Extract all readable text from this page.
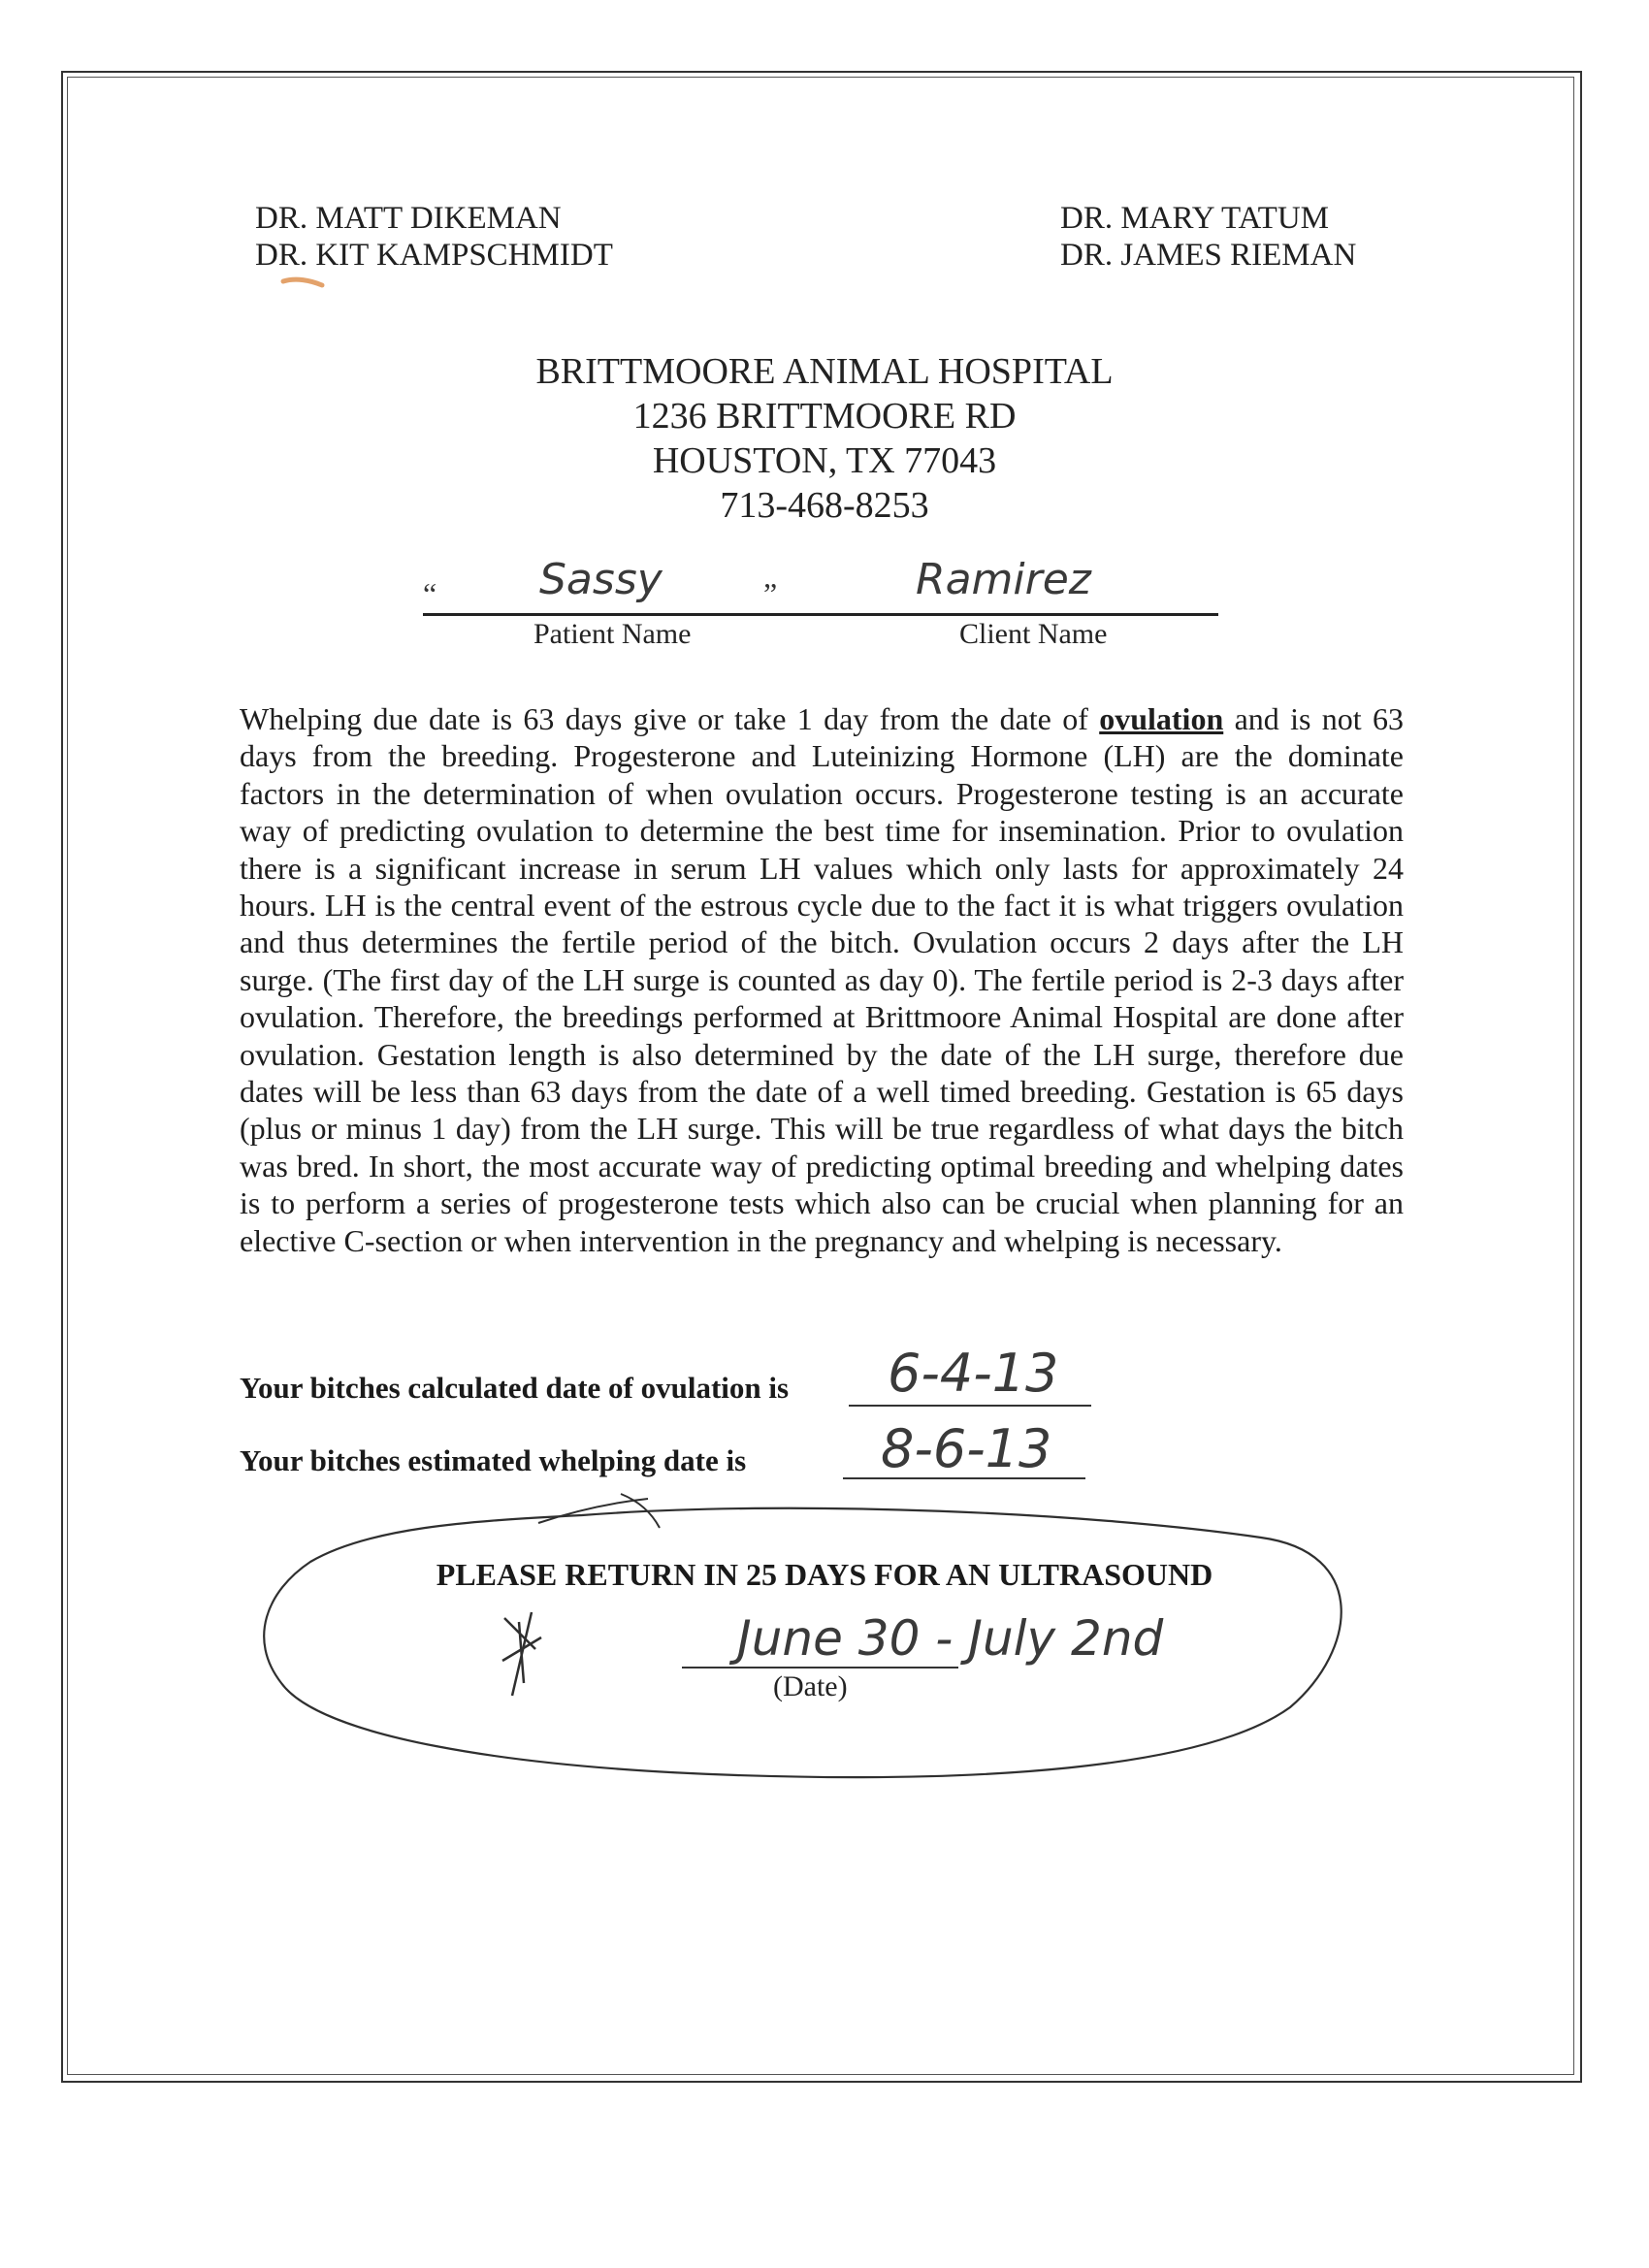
DR. MATT DIKEMAN
DR. KIT KAMPSCHMIDT
DR. MARY TATUM
DR. JAMES RIEMAN
BRITTMOORE ANIMAL HOSPITAL
1236 BRITTMOORE RD
HOUSTON, TX 77043
713-468-8253
“	”
Sassy	Ramirez
Patient Name	Client Name
Whelping due date is 63 days give or take 1 day from the date of ovulation and is not 63 days from the breeding. Progesterone and Luteinizing Hormone (LH) are the dominate factors in the determination of when ovulation occurs. Progesterone testing is an accurate way of predicting ovulation to determine the best time for insemination. Prior to ovulation there is a significant increase in serum LH values which only lasts for approximately 24 hours. LH is the central event of the estrous cycle due to the fact it is what triggers ovulation and thus determines the fertile period of the bitch. Ovulation occurs 2 days after the LH surge. (The first day of the LH surge is counted as day 0). The fertile period is 2-3 days after ovulation. Therefore, the breedings performed at Brittmoore Animal Hospital are done after ovulation. Gestation length is also determined by the date of the LH surge, therefore due dates will be less than 63 days from the date of a well timed breeding. Gestation is 65 days (plus or minus 1 day) from the LH surge. This will be true regardless of what days the bitch was bred. In short, the most accurate way of predicting optimal breeding and whelping dates is to perform a series of progesterone tests which also can be crucial when planning for an elective C-section or when intervention in the pregnancy and whelping is necessary.
Your bitches calculated date of ovulation is 6-4-13
Your bitches estimated whelping date is	8-6-13
PLEASE RETURN IN 25 DAYS FOR AN ULTRASOUND
June 30 - July 2nd
(Date)
